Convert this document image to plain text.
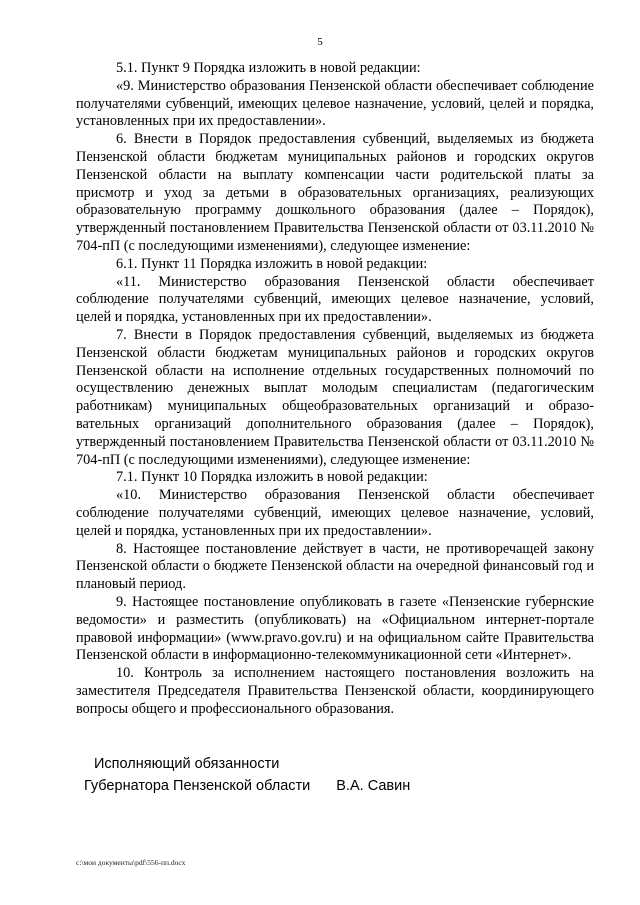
5

5.1. Пункт 9 Порядка изложить в новой редакции:

«9. Министерство образования Пензенской области обеспечивает соблюдение получателями субвенций, имеющих целевое назначение, условий, целей и порядка, установленных при их предоставлении».

6. Внести в Порядок предоставления субвенций, выделяемых из бюджета Пензенской области бюджетам муниципальных районов и городских округов Пензенской области на выплату компенсации части родительской платы за присмотр и уход за детьми в образовательных организациях, реализующих образовательную программу дошкольного образования (далее – Порядок), утвержденный постановлением Правительства Пензенской области от 03.11.2010 № 704-пП (с последующими изменениями), следующее изменение:

6.1. Пункт 11 Порядка изложить в новой редакции:

«11. Министерство образования Пензенской области обеспечивает соблюдение получателями субвенций, имеющих целевое назначение, условий, целей и порядка, установленных при их предоставлении».

7. Внести в Порядок предоставления субвенций, выделяемых из бюджета Пензенской области бюджетам муниципальных районов и городских округов Пензенской области на исполнение отдельных государственных полномочий по осуществлению денежных выплат молодым специалистам (педагогическим работникам) муниципальных общеобразовательных организаций и образо-вательных организаций дополнительного образования (далее – Порядок), утвержденный постановлением Правительства Пензенской области от 03.11.2010 № 704-пП (с последующими изменениями), следующее изменение:

7.1. Пункт 10 Порядка изложить в новой редакции:

«10. Министерство образования Пензенской области обеспечивает соблюдение получателями субвенций, имеющих целевое назначение, условий, целей и порядка, установленных при их предоставлении».

8. Настоящее постановление действует в части, не противоречащей закону Пензенской области о бюджете Пензенской области на очередной финансовый год и плановый период.

9. Настоящее постановление опубликовать в газете «Пензенские губернские ведомости» и разместить (опубликовать) на «Официальном интернет-портале правовой информации» (www.pravo.gov.ru) и на официальном сайте Правительства Пензенской области в информационно-телекоммуникационной сети «Интернет».

10. Контроль за исполнением настоящего постановления возложить на заместителя Председателя Правительства Пензенской области, координирующего вопросы общего и профессионального образования.

Исполняющий обязанности
Губернатора Пензенской области В.А. Савин
c:\мои документы\pdf\556-пп.docx
